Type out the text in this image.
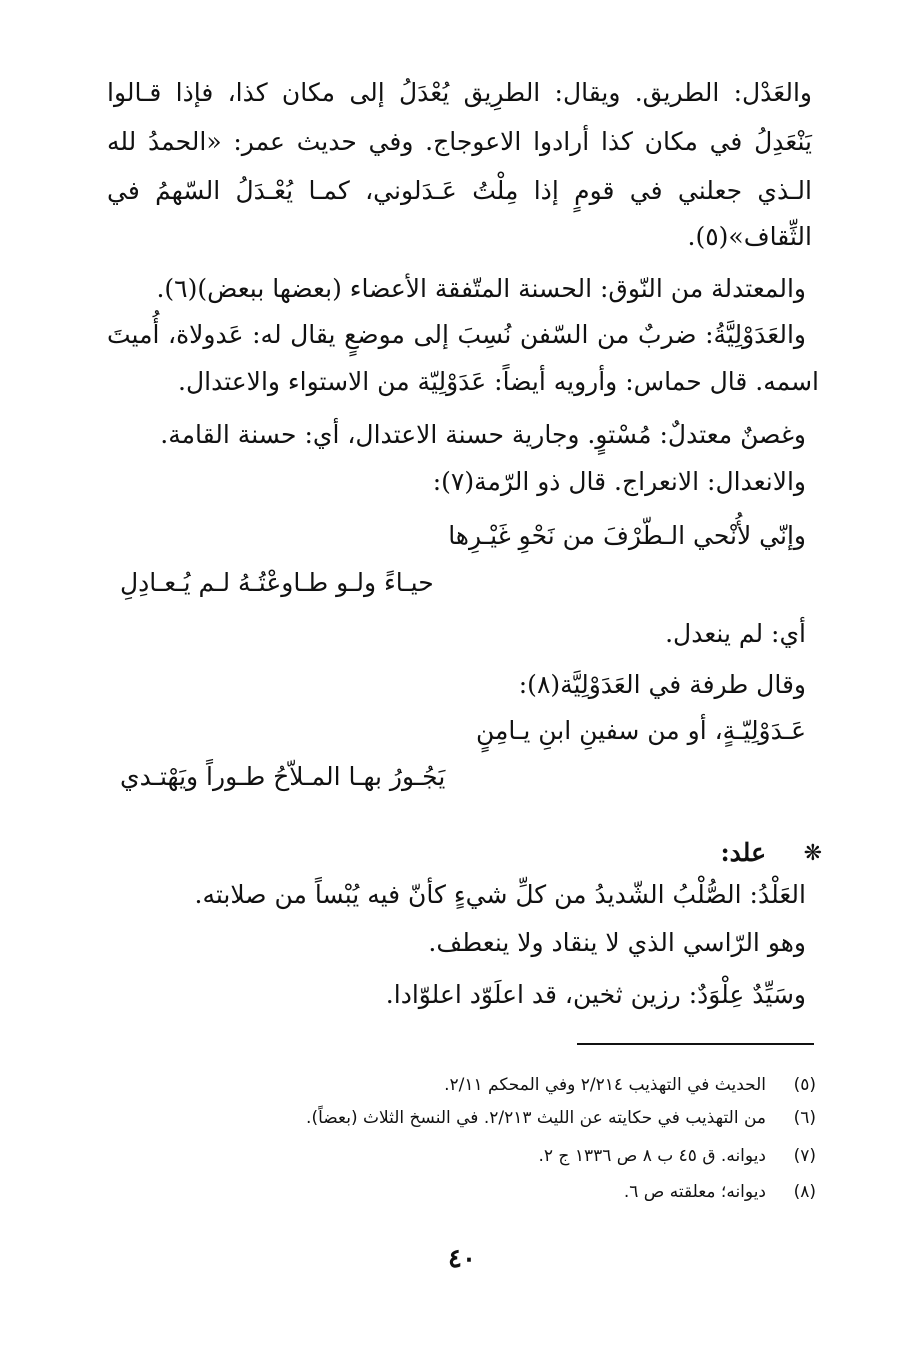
والعَدْل: الطريق. ويقال: الطرِيق يُعْدَلُ إلى مكان كذا، فإذا قـالوا
يَنْعَدِلُ في مكان كذا أرادوا الاعوجاج. وفي حديث عمر: «الحمدُ لله
الـذي جعلني في قومٍ إذا مِلْتُ عَـدَلوني، كمـا يُعْـدَلُ السّهمُ في
الثِّقاف»(٥).
والمعتدلة من النّوق: الحسنة المتّفقة الأعضاء (بعضها ببعض)(٦).
والعَدَوْلِيَّةُ: ضربٌ من السّفن نُسِبَ إلى موضعٍ يقال له: عَدولاة، أُميتَ
اسمه. قال حماس: وأرويه أيضاً: عَدَوْلِيّة من الاستواء والاعتدال.
وغصنٌ معتدلٌ: مُسْتوٍ. وجارية حسنة الاعتدال، أي: حسنة القامة.
والانعدال: الانعراج. قال ذو الرّمة(٧):
وإنّي لأُنْحي الـطّرْفَ من نَحْوِ غَيْـرِها
حيـاءً ولـو طـاوعْتُـهُ لـم يُـعـادِلِ
أي: لم ينعدل.
وقال طرفة في العَدَوْلِيَّة(٨):
عَـدَوْلِيّـةٍ، أو من سفينِ ابنِ يـامِنٍ
يَجُـورُ بهـا المـلاّحُ طـوراً ويَهْتـدي
❋
علد:
العَلْدُ: الصُّلْبُ الشّديدُ من كلِّ شيءٍ كأنّ فيه يُبْساً من صلابته.
وهو الرّاسي الذي لا ينقاد ولا ينعطف.
وسَيِّدٌ عِلْوَدٌ: رزين ثخين، قد اعلَوّد اعلوّادا.
(٥)الحديث في التهذيب ٢/٢١٤ وفي المحكم ٢/١١.
(٦)من التهذيب في حكايته عن الليث ٢/٢١٣. في النسخ الثلاث (بعضاً).
(٧)ديوانه. ق ٤٥ ب ٨ ص ١٣٣٦ ج ٢.
(٨)ديوانه؛ معلقته ص ٦.
٤٠
